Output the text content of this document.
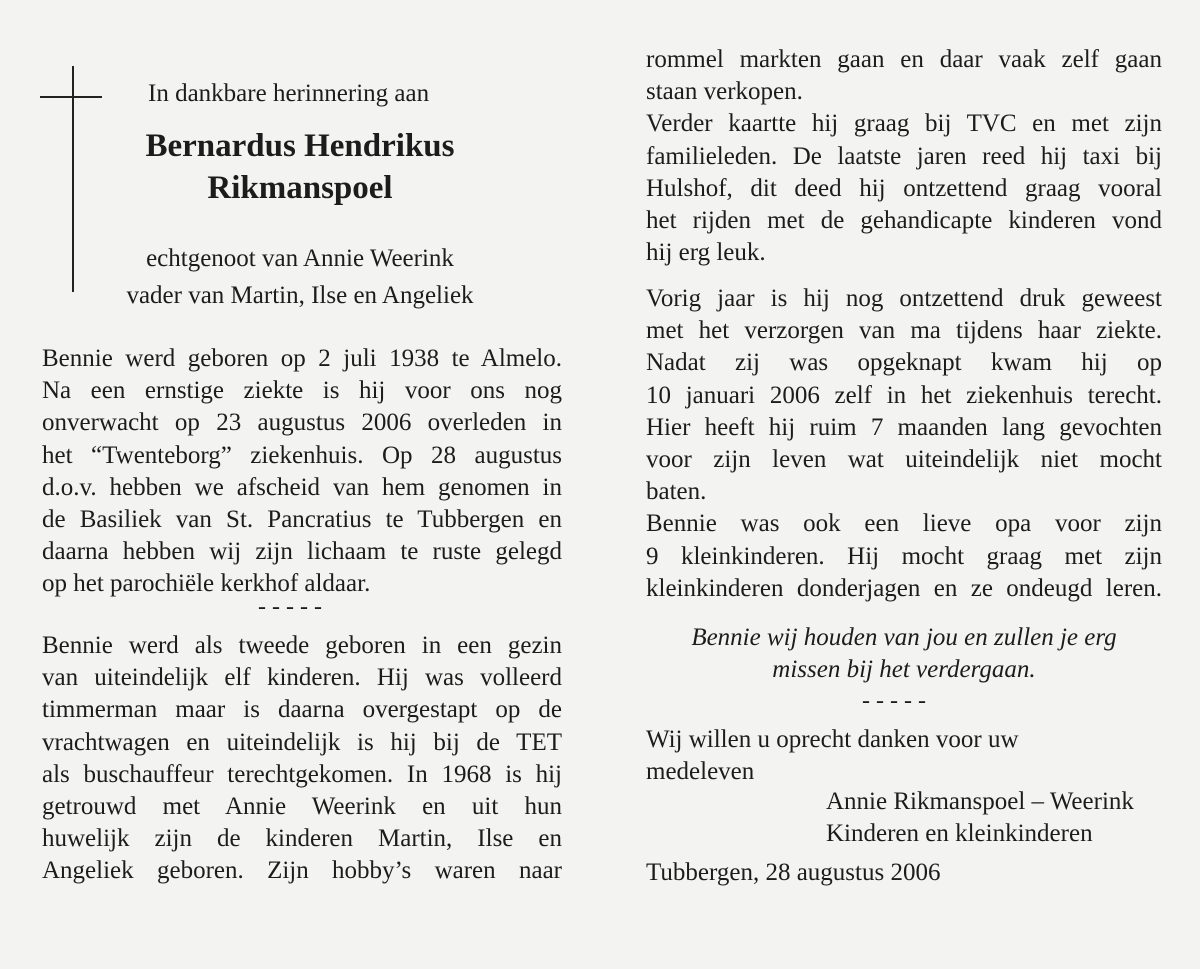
In dankbare herinnering aan
Bernardus Hendrikus
Rikmanspoel
echtgenoot van Annie Weerink
vader van Martin, Ilse en Angeliek
Bennie werd geboren op 2 juli 1938 te Almelo.
Na een ernstige ziekte is hij voor ons nog
onverwacht op 23 augustus 2006 overleden in
het “Twenteborg” ziekenhuis. Op 28 augustus
d.o.v. hebben we afscheid van hem genomen in
de Basiliek van St. Pancratius te Tubbergen en
daarna hebben wij zijn lichaam te ruste gelegd
op het parochiële kerkhof aldaar.
-----
Bennie werd als tweede geboren in een gezin
van uiteindelijk elf kinderen. Hij was volleerd
timmerman maar is daarna overgestapt op de
vrachtwagen en uiteindelijk is hij bij de TET
als buschauffeur terechtgekomen. In 1968 is hij
getrouwd met Annie Weerink en uit hun
huwelijk zijn de kinderen Martin, Ilse en
Angeliek geboren. Zijn hobby’s waren naar
rommel markten gaan en daar vaak zelf gaan
staan verkopen.
Verder kaartte hij graag bij TVC en met zijn
familieleden. De laatste jaren reed hij taxi bij
Hulshof, dit deed hij ontzettend graag vooral
het rijden met de gehandicapte kinderen vond
hij erg leuk.
Vorig jaar is hij nog ontzettend druk geweest
met het verzorgen van ma tijdens haar ziekte.
Nadat zij was opgeknapt kwam hij op
10 januari 2006 zelf in het ziekenhuis terecht.
Hier heeft hij ruim 7 maanden lang gevochten
voor zijn leven wat uiteindelijk niet mocht
baten.
Bennie was ook een lieve opa voor zijn
9 kleinkinderen. Hij mocht graag met zijn
kleinkinderen donderjagen en ze ondeugd leren.
Bennie wij houden van jou en zullen je erg
missen bij het verdergaan.
-----
Wij willen u oprecht danken voor uw
medeleven
Annie Rikmanspoel – Weerink
Kinderen en kleinkinderen
Tubbergen, 28 augustus 2006
